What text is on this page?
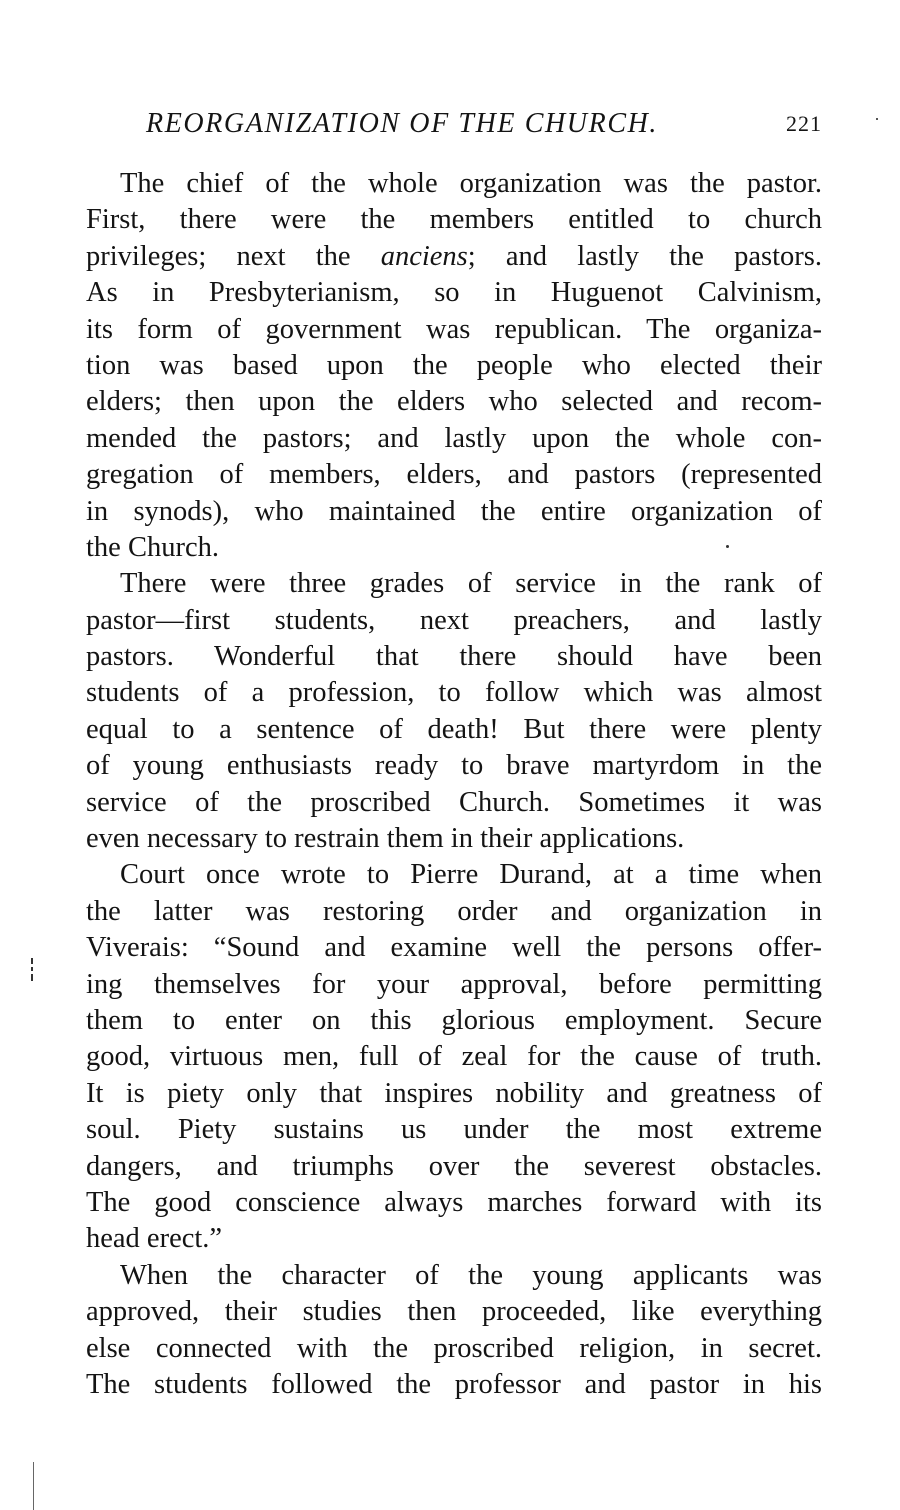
REORGANIZATION OF THE CHURCH.	221
The chief of the whole organization was the pastor.
First, there were the members entitled to church
privileges; next the anciens; and lastly the pastors.
As in Presbyterianism, so in Huguenot Calvinism,
its form of government was republican. The organiza-
tion was based upon the people who elected their
elders; then upon the elders who selected and recom-
mended the pastors; and lastly upon the whole con-
gregation of members, elders, and pastors (represented
in synods), who maintained the entire organization of
the Church.
There were three grades of service in the rank of
pastor—first students, next preachers, and lastly
pastors. Wonderful that there should have been
students of a profession, to follow which was almost
equal to a sentence of death! But there were plenty
of young enthusiasts ready to brave martyrdom in the
service of the proscribed Church. Sometimes it was
even necessary to restrain them in their applications.
Court once wrote to Pierre Durand, at a time when
the latter was restoring order and organization in
Viverais: “Sound and examine well the persons offer-
ing themselves for your approval, before permitting
them to enter on this glorious employment. Secure
good, virtuous men, full of zeal for the cause of truth.
It is piety only that inspires nobility and greatness of
soul. Piety sustains us under the most extreme
dangers, and triumphs over the severest obstacles.
The good conscience always marches forward with its
head erect.”
When the character of the young applicants was
approved, their studies then proceeded, like everything
else connected with the proscribed religion, in secret.
The students followed the professor and pastor in his
